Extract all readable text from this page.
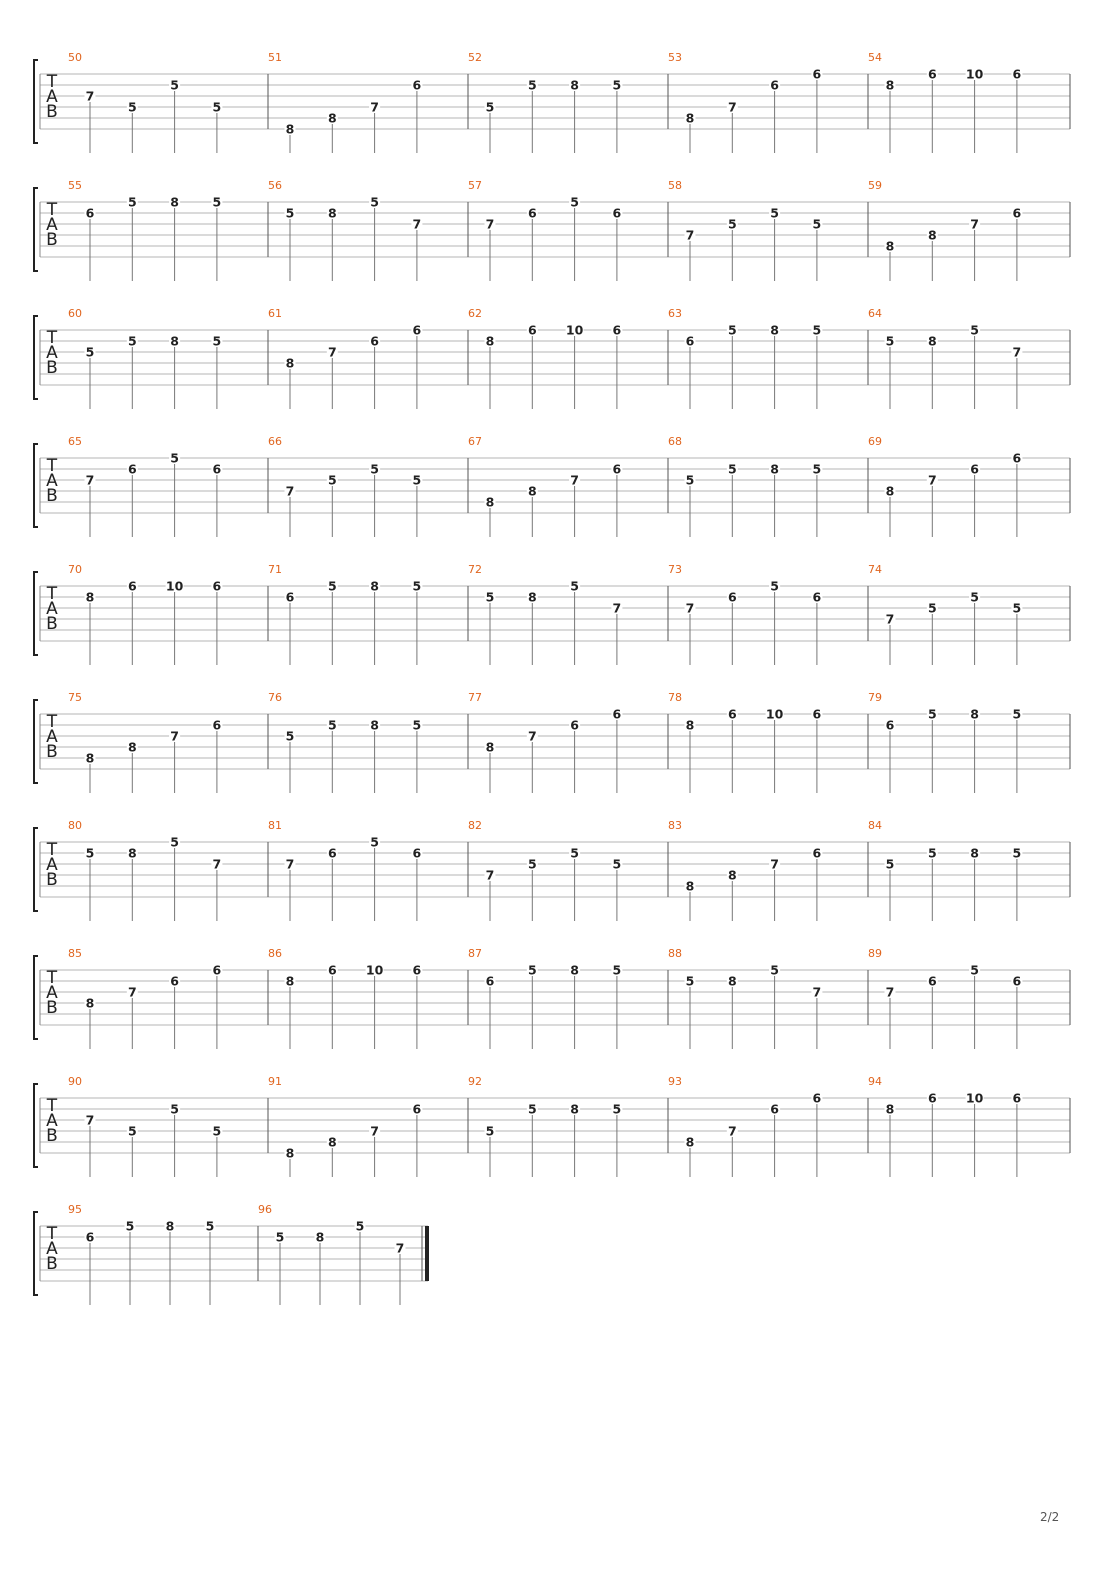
T
A
B
50
7
5
5
5
51
8
8
7
6
52
5
5	8	5
53
8
7
6
6
54
8
6 10 6
T
A
B
55
6
5	8	5
56
5	8
5
7
57
7
6
5
6
58
7
5
5
5
59
8
8
7
6
T
A
B
60
5
5	8	5
61
8
7
6
6
62
8
6 10 6
63
6
5	8	5
64
5	8
5
7
T
A
B
65
7
6
5
6
66
7
5
5
5
67
8
8
7
6
68
5
5	8	5
69
8
7
6
6
T
A
B
70
8
6 10 6
71
6
5	8	5
72
5	8
5
7
73
7
6
5
6
74
7
5
5
5
T
A
B
75
8
8
7
6
76
5
5	8	5
77
8
7
6
6
78
8
6 10 6
79
6
5	8	5
T
A
B
80
5	8
5
7
81
7
6
5
6
82
7
5
5
5
83
8
8
7
6
84
5
5	8	5
T
A
B
85
8
7
6
6
86
8
6 10 6
87
6
5	8	5
88
5	8
5
7
89
7
6
5
6
T
A
B
90
7
5
5
5
91
8
8
7
6
92
5
5	8	5
93
8
7
6
6
94
8
6 10 6
T
A
B
95
6
5	8	5
96
5	8
5
7
2/2
